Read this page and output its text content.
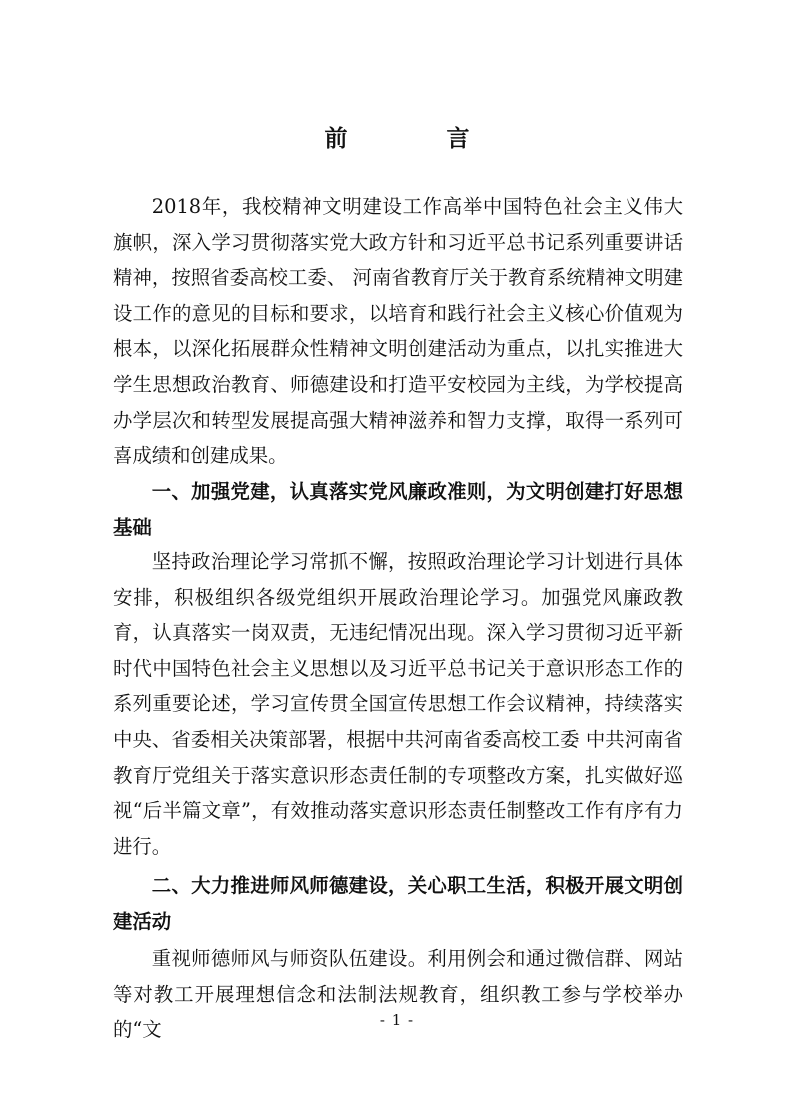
前　言

2018年，我校精神文明建设工作高举中国特色社会主义伟大旗帜，深入学习贯彻落实党大政方针和习近平总书记系列重要讲话精神，按照省委高校工委、 河南省教育厅关于教育系统精神文明建设工作的意见的目标和要求，以培育和践行社会主义核心价值观为根本，以深化拓展群众性精神文明创建活动为重点，以扎实推进大学生思想政治教育、师德建设和打造平安校园为主线，为学校提高办学层次和转型发展提高强大精神滋养和智力支撑，取得一系列可喜成绩和创建成果。

一、加强党建，认真落实党风廉政准则，为文明创建打好思想基础

坚持政治理论学习常抓不懈，按照政治理论学习计划进行具体安排，积极组织各级党组织开展政治理论学习。加强党风廉政教育，认真落实一岗双责，无违纪情况出现。深入学习贯彻习近平新时代中国特色社会主义思想以及习近平总书记关于意识形态工作的系列重要论述，学习宣传贯全国宣传思想工作会议精神，持续落实中央、省委相关决策部署，根据中共河南省委高校工委 中共河南省教育厅党组关于落实意识形态责任制的专项整改方案，扎实做好巡视“后半篇文章”，有效推动落实意识形态责任制整改工作有序有力进行。

二、大力推进师风师德建设，关心职工生活，积极开展文明创建活动

重视师德师风与师资队伍建设。利用例会和通过微信群、网站等对教工开展理想信念和法制法规教育，组织教工参与学校举办的“文	- 1 -
